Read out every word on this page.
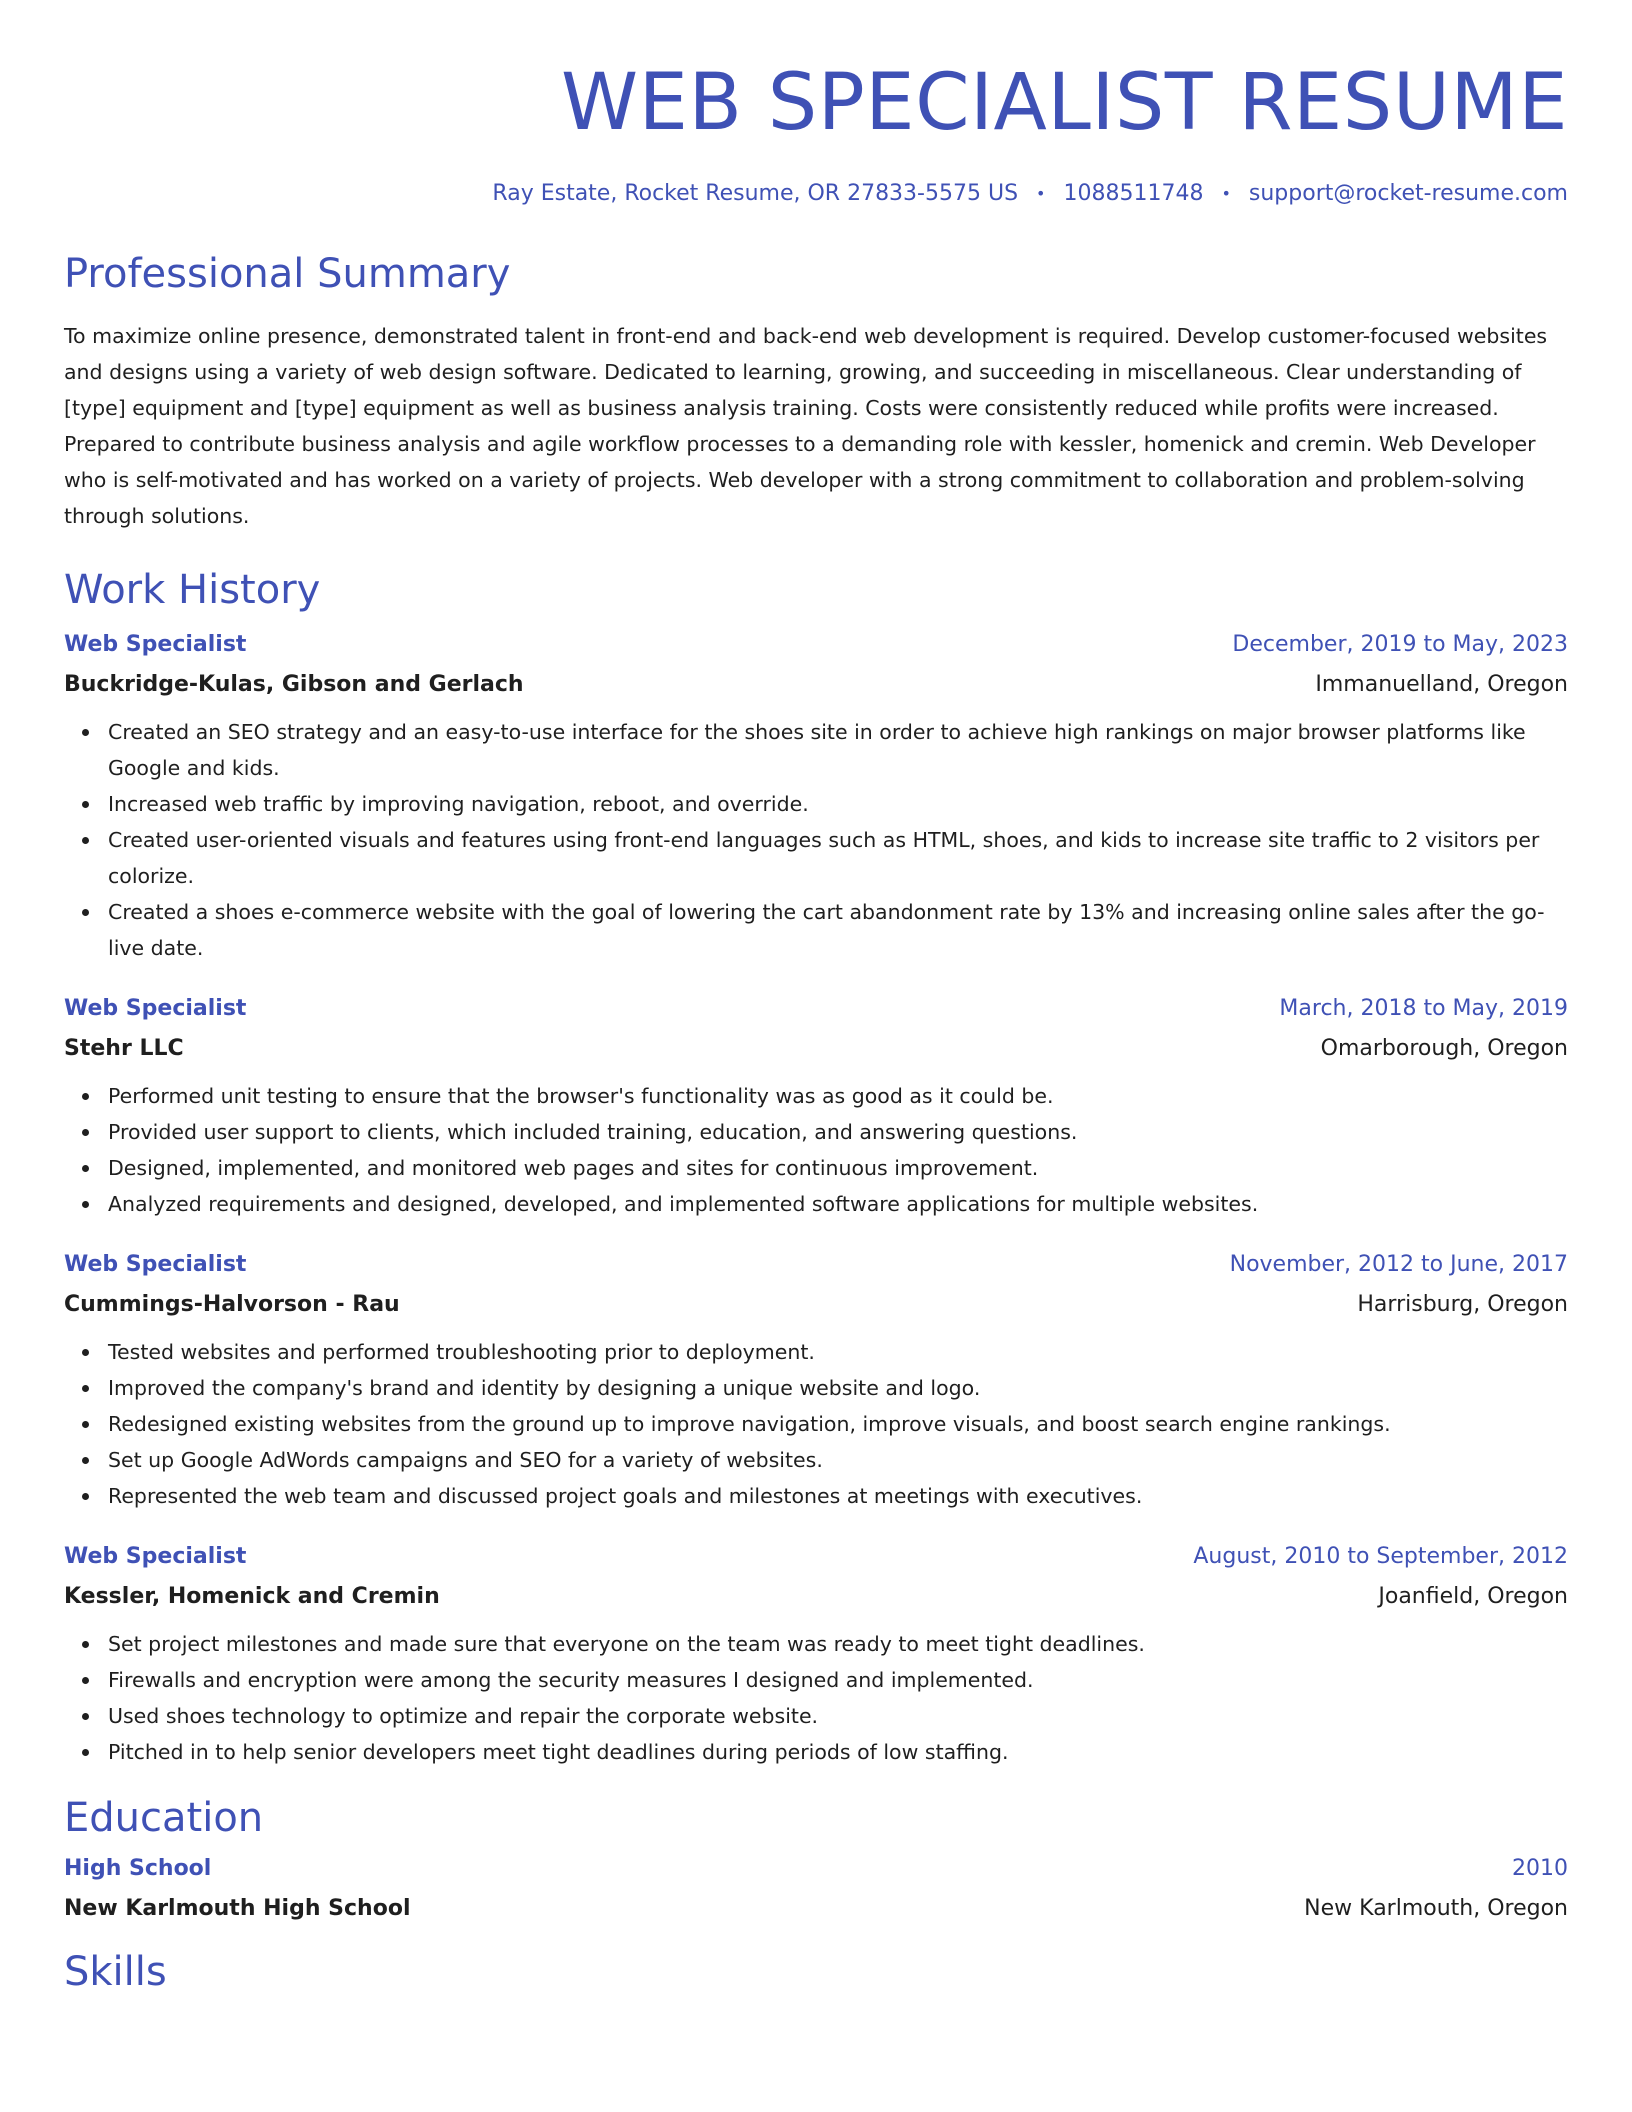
WEB SPECIALIST RESUME
Ray Estate, Rocket Resume, OR 27833-5575 US • 1088511748 • support@rocket-resume.com
Professional Summary

To maximize online presence, demonstrated talent in front-end and back-end web development is required. Develop customer-focused websites and designs using a variety of web design software. Dedicated to learning, growing, and succeeding in miscellaneous. Clear understanding of [type] equipment and [type] equipment as well as business analysis training. Costs were consistently reduced while profits were increased. Prepared to contribute business analysis and agile workflow processes to a demanding role with kessler, homenick and cremin. Web Developer who is self-motivated and has worked on a variety of projects. Web developer with a strong commitment to collaboration and problem-solving through solutions.

Work History
Web Specialist	December, 2019 to May, 2023
Buckridge-Kulas, Gibson and Gerlach	Immanuelland, Oregon
Created an SEO strategy and an easy-to-use interface for the shoes site in order to achieve high rankings on major browser platforms like Google and kids.
Increased web traffic by improving navigation, reboot, and override.
Created user-oriented visuals and features using front-end languages such as HTML, shoes, and kids to increase site traffic to 2 visitors per colorize.
Created a shoes e-commerce website with the goal of lowering the cart abandonment rate by 13% and increasing online sales after the go-live date.
Web Specialist	March, 2018 to May, 2019
Stehr LLC	Omarborough, Oregon
Performed unit testing to ensure that the browser's functionality was as good as it could be.
Provided user support to clients, which included training, education, and answering questions.
Designed, implemented, and monitored web pages and sites for continuous improvement.
Analyzed requirements and designed, developed, and implemented software applications for multiple websites.
Web Specialist	November, 2012 to June, 2017
Cummings-Halvorson - Rau	Harrisburg, Oregon
Tested websites and performed troubleshooting prior to deployment.
Improved the company's brand and identity by designing a unique website and logo.
Redesigned existing websites from the ground up to improve navigation, improve visuals, and boost search engine rankings.
Set up Google AdWords campaigns and SEO for a variety of websites.
Represented the web team and discussed project goals and milestones at meetings with executives.
Web Specialist	August, 2010 to September, 2012
Kessler, Homenick and Cremin	Joanfield, Oregon
Set project milestones and made sure that everyone on the team was ready to meet tight deadlines.
Firewalls and encryption were among the security measures I designed and implemented.
Used shoes technology to optimize and repair the corporate website.
Pitched in to help senior developers meet tight deadlines during periods of low staffing.
Education
High School	2010
New Karlmouth High School	New Karlmouth, Oregon
Skills
